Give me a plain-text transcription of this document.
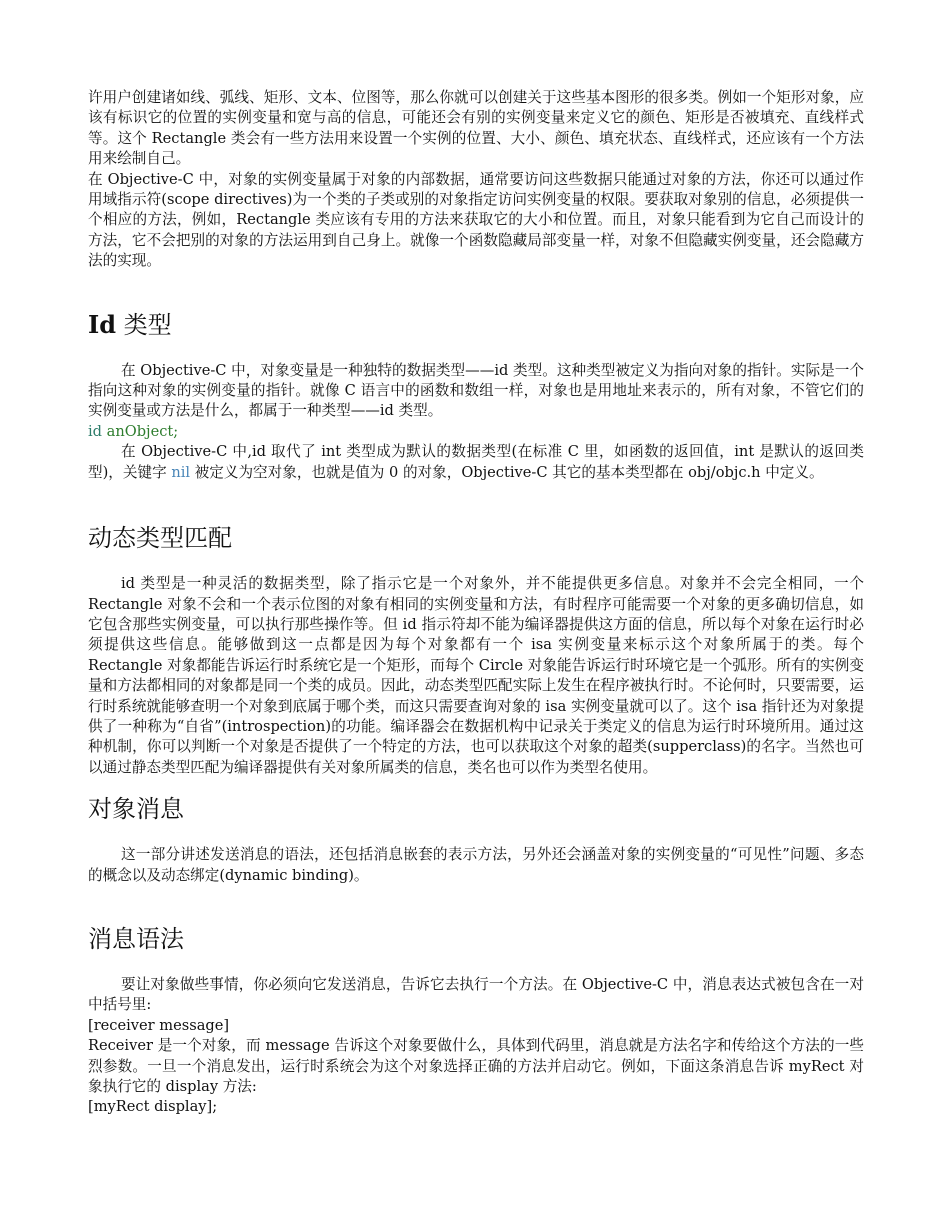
许用户创建诸如线、弧线、矩形、文本、位图等，那么你就可以创建关于这些基本图形的很多类。例如一个矩形对象，应该有标识它的位置的实例变量和宽与高的信息，可能还会有别的实例变量来定义它的颜色、矩形是否被填充、直线样式等。这个 Rectangle 类会有一些方法用来设置一个实例的位置、大小、颜色、填充状态、直线样式，还应该有一个方法用来绘制自己。

在 Objective-C 中，对象的实例变量属于对象的内部数据，通常要访问这些数据只能通过对象的方法，你还可以通过作用域指示符(scope directives)为一个类的子类或别的对象指定访问实例变量的权限。要获取对象别的信息，必须提供一个相应的方法，例如，Rectangle 类应该有专用的方法来获取它的大小和位置。而且，对象只能看到为它自己而设计的方法，它不会把别的对象的方法运用到自己身上。就像一个函数隐藏局部变量一样，对象不但隐藏实例变量，还会隐藏方法的实现。

Id 类型

在 Objective-C 中，对象变量是一种独特的数据类型——id 类型。这种类型被定义为指向对象的指针。实际是一个指向这种对象的实例变量的指针。就像 C 语言中的函数和数组一样，对象也是用地址来表示的，所有对象，不管它们的实例变量或方法是什么，都属于一种类型——id 类型。

id anObject;

在 Objective-C 中,id 取代了 int 类型成为默认的数据类型(在标准 C 里，如函数的返回值，int 是默认的返回类型)，关键字 nil 被定义为空对象，也就是值为 0 的对象，Objective-C 其它的基本类型都在 obj/objc.h 中定义。

动态类型匹配

id 类型是一种灵活的数据类型，除了指示它是一个对象外，并不能提供更多信息。对象并不会完全相同，一个 Rectangle 对象不会和一个表示位图的对象有相同的实例变量和方法，有时程序可能需要一个对象的更多确切信息，如它包含那些实例变量，可以执行那些操作等。但 id 指示符却不能为编译器提供这方面的信息，所以每个对象在运行时必须提供这些信息。能够做到这一点都是因为每个对象都有一个 isa 实例变量来标示这个对象所属于的类。每个 Rectangle 对象都能告诉运行时系统它是一个矩形，而每个 Circle 对象能告诉运行时环境它是一个弧形。所有的实例变量和方法都相同的对象都是同一个类的成员。因此，动态类型匹配实际上发生在程序被执行时。不论何时，只要需要，运行时系统就能够查明一个对象到底属于哪个类，而这只需要查询对象的 isa 实例变量就可以了。这个 isa 指针还为对象提供了一种称为“自省”(introspection)的功能。编译器会在数据机构中记录关于类定义的信息为运行时环境所用。通过这种机制，你可以判断一个对象是否提供了一个特定的方法，也可以获取这个对象的超类(supperclass)的名字。当然也可以通过静态类型匹配为编译器提供有关对象所属类的信息，类名也可以作为类型名使用。

对象消息

这一部分讲述发送消息的语法，还包括消息嵌套的表示方法，另外还会涵盖对象的实例变量的“可见性”问题、多态的概念以及动态绑定(dynamic binding)。

消息语法

要让对象做些事情，你必须向它发送消息，告诉它去执行一个方法。在 Objective-C 中，消息表达式被包含在一对中括号里:

[receiver message]

Receiver 是一个对象，而 message 告诉这个对象要做什么，具体到代码里，消息就是方法名字和传给这个方法的一些烈参数。一旦一个消息发出，运行时系统会为这个对象选择正确的方法并启动它。例如，下面这条消息告诉 myRect 对象执行它的 display 方法:

[myRect display];
